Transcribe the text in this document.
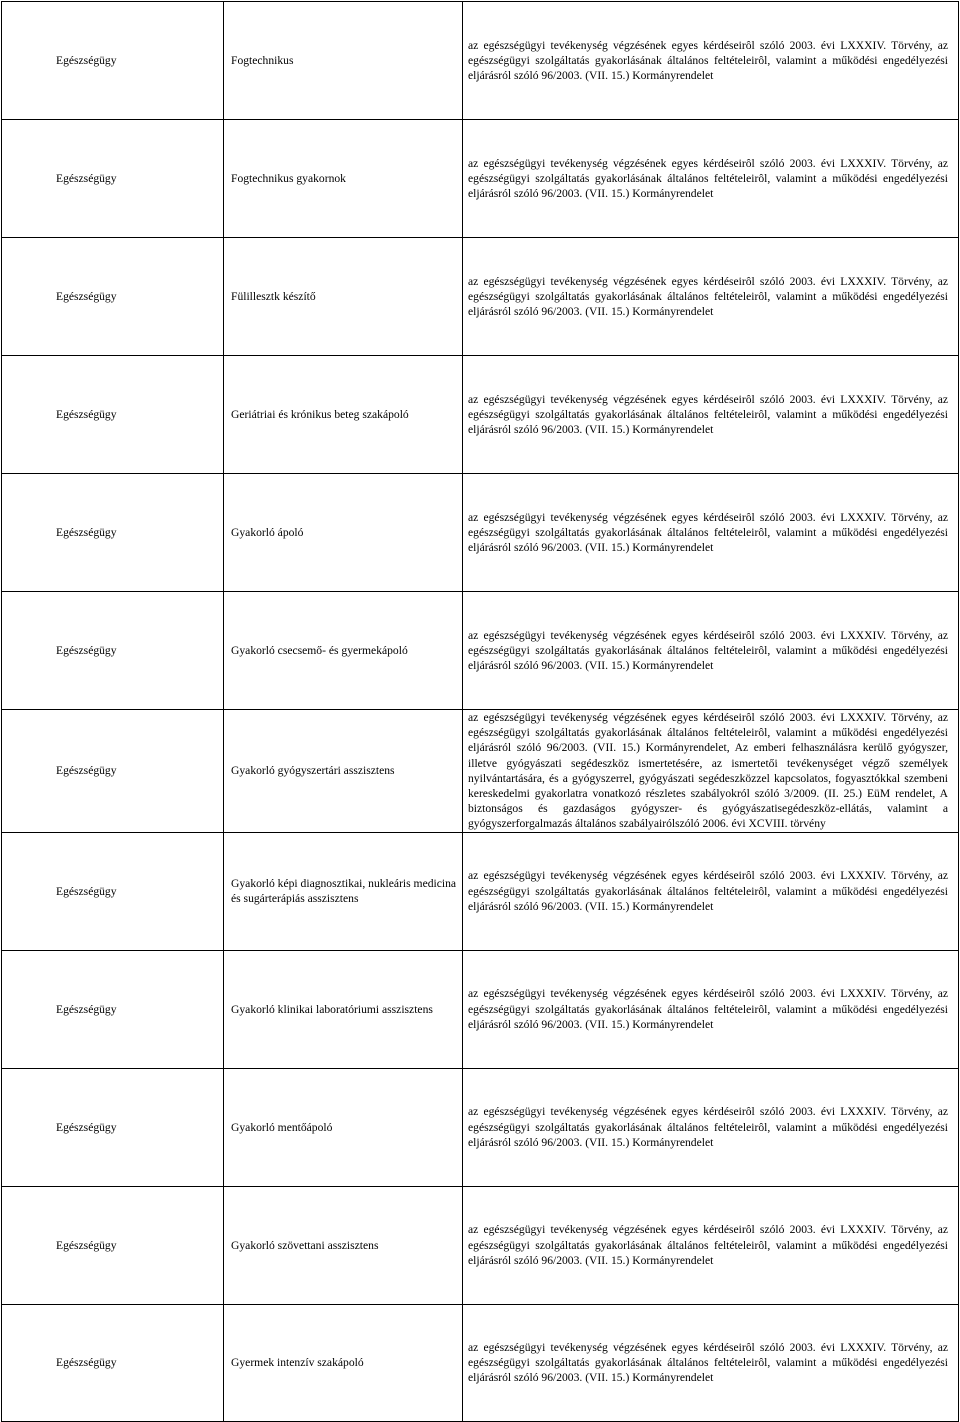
Egészségügy	Fogtechnikus	az egészségügyi tevékenység végzésének egyes kérdéseirôl szóló 2003. évi LXXXIV. Törvény, az egészségügyi szolgáltatás gyakorlásának általános feltételeirôl, valamint a működési engedélyezési eljárásról szóló 96/2003. (VII. 15.) Kormányrendelet
Egészségügy	Fogtechnikus gyakornok	az egészségügyi tevékenység végzésének egyes kérdéseirôl szóló 2003. évi LXXXIV. Törvény, az egészségügyi szolgáltatás gyakorlásának általános feltételeirôl, valamint a működési engedélyezési eljárásról szóló 96/2003. (VII. 15.) Kormányrendelet
Egészségügy	Fülillesztk készítő	az egészségügyi tevékenység végzésének egyes kérdéseirôl szóló 2003. évi LXXXIV. Törvény, az egészségügyi szolgáltatás gyakorlásának általános feltételeirôl, valamint a működési engedélyezési eljárásról szóló 96/2003. (VII. 15.) Kormányrendelet
Egészségügy	Geriátriai és krónikus beteg szakápoló	az egészségügyi tevékenység végzésének egyes kérdéseirôl szóló 2003. évi LXXXIV. Törvény, az egészségügyi szolgáltatás gyakorlásának általános feltételeirôl, valamint a működési engedélyezési eljárásról szóló 96/2003. (VII. 15.) Kormányrendelet
Egészségügy	Gyakorló ápoló	az egészségügyi tevékenység végzésének egyes kérdéseirôl szóló 2003. évi LXXXIV. Törvény, az egészségügyi szolgáltatás gyakorlásának általános feltételeirôl, valamint a működési engedélyezési eljárásról szóló 96/2003. (VII. 15.) Kormányrendelet
Egészségügy	Gyakorló csecsemő- és gyermekápoló	az egészségügyi tevékenység végzésének egyes kérdéseirôl szóló 2003. évi LXXXIV. Törvény, az egészségügyi szolgáltatás gyakorlásának általános feltételeirôl, valamint a működési engedélyezési eljárásról szóló 96/2003. (VII. 15.) Kormányrendelet
Egészségügy	Gyakorló gyógyszertári asszisztens	az egészségügyi tevékenység végzésének egyes kérdéseirôl szóló 2003. évi LXXXIV. Törvény, az egészségügyi szolgáltatás gyakorlásának általános feltételeirôl, valamint a működési engedélyezési eljárásról szóló 96/2003. (VII. 15.) Kormányrendelet, Az emberi felhasználásra kerülő gyógyszer, illetve gyógyászati segédeszköz ismertetésére, az ismertetői tevékenységet végző személyek nyilvántartására, és a gyógyszerrel, gyógyászati segédeszközzel kapcsolatos, fogyasztókkal szembeni kereskedelmi gyakorlatra vonatkozó részletes szabályokról szóló 3/2009. (II. 25.) EüM rendelet, A biztonságos és gazdaságos gyógyszer- és gyógyászatisegédeszköz-ellátás, valamint a gyógyszerforgalmazás általános szabályairólszóló 2006. évi XCVIII. törvény
Egészségügy	Gyakorló képi diagnosztikai, nukleáris medicina és sugárterápiás asszisztens	az egészségügyi tevékenység végzésének egyes kérdéseirôl szóló 2003. évi LXXXIV. Törvény, az egészségügyi szolgáltatás gyakorlásának általános feltételeirôl, valamint a működési engedélyezési eljárásról szóló 96/2003. (VII. 15.) Kormányrendelet
Egészségügy	Gyakorló klinikai laboratóriumi asszisztens	az egészségügyi tevékenység végzésének egyes kérdéseirôl szóló 2003. évi LXXXIV. Törvény, az egészségügyi szolgáltatás gyakorlásának általános feltételeirôl, valamint a működési engedélyezési eljárásról szóló 96/2003. (VII. 15.) Kormányrendelet
Egészségügy	Gyakorló mentőápoló	az egészségügyi tevékenység végzésének egyes kérdéseirôl szóló 2003. évi LXXXIV. Törvény, az egészségügyi szolgáltatás gyakorlásának általános feltételeirôl, valamint a működési engedélyezési eljárásról szóló 96/2003. (VII. 15.) Kormányrendelet
Egészségügy	Gyakorló szövettani asszisztens	az egészségügyi tevékenység végzésének egyes kérdéseirôl szóló 2003. évi LXXXIV. Törvény, az egészségügyi szolgáltatás gyakorlásának általános feltételeirôl, valamint a működési engedélyezési eljárásról szóló 96/2003. (VII. 15.) Kormányrendelet
Egészségügy	Gyermek intenzív szakápoló	az egészségügyi tevékenység végzésének egyes kérdéseirôl szóló 2003. évi LXXXIV. Törvény, az egészségügyi szolgáltatás gyakorlásának általános feltételeirôl, valamint a működési engedélyezési eljárásról szóló 96/2003. (VII. 15.) Kormányrendelet
